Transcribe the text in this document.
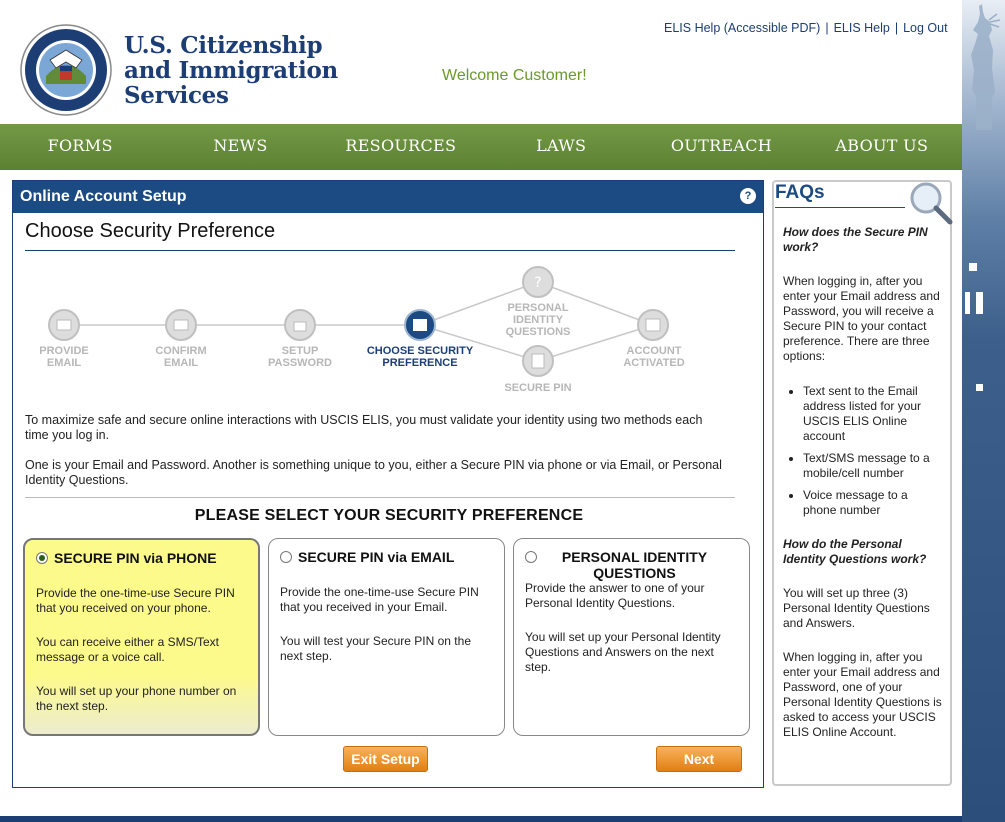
U.S. Citizenship
and Immigration
Services
Welcome Customer!
ELIS Help (Accessible PDF) | ELIS Help | Log Out
FORMS	NEWS	RESOURCES	LAWS	OUTREACH	ABOUT US
Online Account Setup	?
Choose Security Preference
?
PROVIDE
EMAIL
CONFIRM
EMAIL
SETUP
PASSWORD
CHOOSE SECURITY
PREFERENCE
PERSONAL
IDENTITY
QUESTIONS
SECURE PIN
ACCOUNT
ACTIVATED

To maximize safe and secure online interactions with USCIS ELIS, you must validate your identity using two methods each time you log in.

One is your Email and Password. Another is something unique to you, either a Secure PIN via phone or via Email, or Personal Identity Questions.

PLEASE SELECT YOUR SECURITY PREFERENCE
SECURE PIN via PHONE

Provide the one-time-use Secure PIN that you received on your phone.

You can receive either a SMS/Text message or a voice call.

You will set up your phone number on the next step.

SECURE PIN via EMAIL

Provide the one-time-use Secure PIN that you received in your Email.

You will test your Secure PIN on the next step.

PERSONAL IDENTITY QUESTIONS

Provide the answer to one of your Personal Identity Questions.

You will set up your Personal Identity Questions and Answers on the next step.

Exit Setup	Next
FAQs
How does the Secure PIN work?
When logging in, after you enter your Email address and Password, you will receive a Secure PIN to your contact preference. There are three options:
• Text sent to the Email address listed for your USCIS ELIS Online account
• Text/SMS message to a mobile/cell number
• Voice message to a phone number
How do the Personal Identity Questions work?
You will set up three (3) Personal Identity Questions and Answers.
When logging in, after you enter your Email address and Password, one of your Personal Identity Questions is asked to access your USCIS ELIS Online Account.
